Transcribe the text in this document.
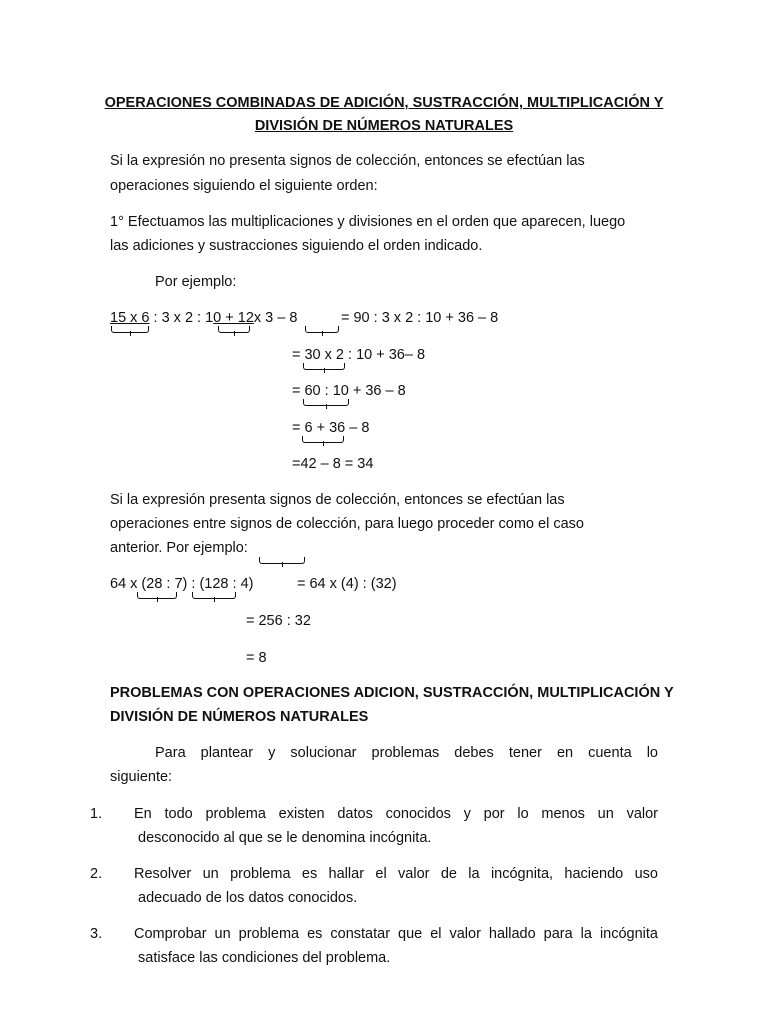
OPERACIONES COMBINADAS DE ADICIÓN, SUSTRACCIÓN, MULTIPLICACIÓN Y
DIVISIÓN DE NÚMEROS NATURALES
Si la expresión no presenta signos de colección, entonces se efectúan las
operaciones siguiendo el siguiente orden:
1° Efectuamos las multiplicaciones y divisiones en el orden que aparecen, luego
las adiciones y sustracciones siguiendo el orden indicado.
Por ejemplo:
15 x 6 : 3 x 2 : 10 + 12x 3 – 8	= 90 : 3 x 2 : 10 + 36 – 8
= 30 x 2 : 10 + 36– 8
= 60 : 10 + 36 – 8
= 6 + 36 – 8
=42 – 8 = 34
Si la expresión presenta signos de colección, entonces se efectúan las
operaciones entre signos de colección, para luego proceder como el caso
anterior. Por ejemplo:
64 x (28 : 7) : (128 : 4)	= 64 x (4) : (32)
= 256 : 32
= 8
PROBLEMAS CON OPERACIONES ADICION, SUSTRACCIÓN, MULTIPLICACIÓN Y
DIVISIÓN DE NÚMEROS NATURALES
Para plantear y solucionar problemas debes tener en cuenta lo
siguiente:
1. En todo problema existen datos conocidos y por lo menos un valor
desconocido al que se le denomina incógnita.
2. Resolver un problema es hallar el valor de la incógnita, haciendo uso
adecuado de los datos conocidos.
3. Comprobar un problema es constatar que el valor hallado para la incógnita
satisface las condiciones del problema.
